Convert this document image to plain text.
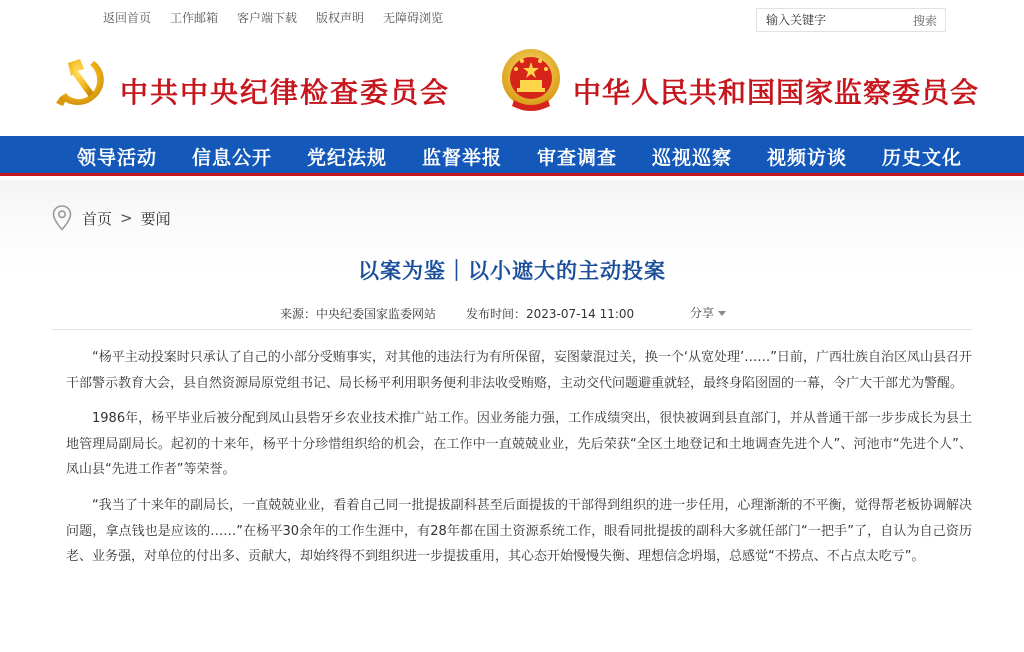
返回首页 工作邮箱 客户端下载 版权声明 无障碍浏览
输入关键字	搜索
中共中央纪律检查委员会	中华人民共和国国家监察委员会
领导活动	信息公开	党纪法规	监督举报	审查调查	巡视巡察	视频访谈	历史文化
首页 > 要闻
以案为鉴｜以小遮大的主动投案
来源：中央纪委国家监委网站	发布时间：2023-07-14 11:00	分享

“杨平主动投案时只承认了自己的小部分受贿事实，对其他的违法行为有所保留，妄图蒙混过关，换一个‘从宽处理’……”日前，广西壮族自治区凤山县召开干部警示教育大会，县自然资源局原党组书记、局长杨平利用职务便利非法收受贿赂，主动交代问题避重就轻，最终身陷囹圄的一幕，令广大干部尤为警醒。

1986年，杨平毕业后被分配到凤山县砦牙乡农业技术推广站工作。因业务能力强，工作成绩突出，很快被调到县直部门，并从普通干部一步步成长为县土地管理局副局长。起初的十来年，杨平十分珍惜组织给的机会，在工作中一直兢兢业业，先后荣获“全区土地登记和土地调查先进个人”、河池市“先进个人”、凤山县“先进工作者”等荣誉。

“我当了十来年的副局长，一直兢兢业业，看着自己同一批提拔副科甚至后面提拔的干部得到组织的进一步任用，心理渐渐的不平衡，觉得帮老板协调解决问题，拿点钱也是应该的……”在杨平30余年的工作生涯中，有28年都在国土资源系统工作，眼看同批提拔的副科大多就任部门“一把手”了，自认为自己资历老、业务强，对单位的付出多、贡献大，却始终得不到组织进一步提拔重用，其心态开始慢慢失衡、理想信念坍塌，总感觉“不捞点、不占点太吃亏”。
